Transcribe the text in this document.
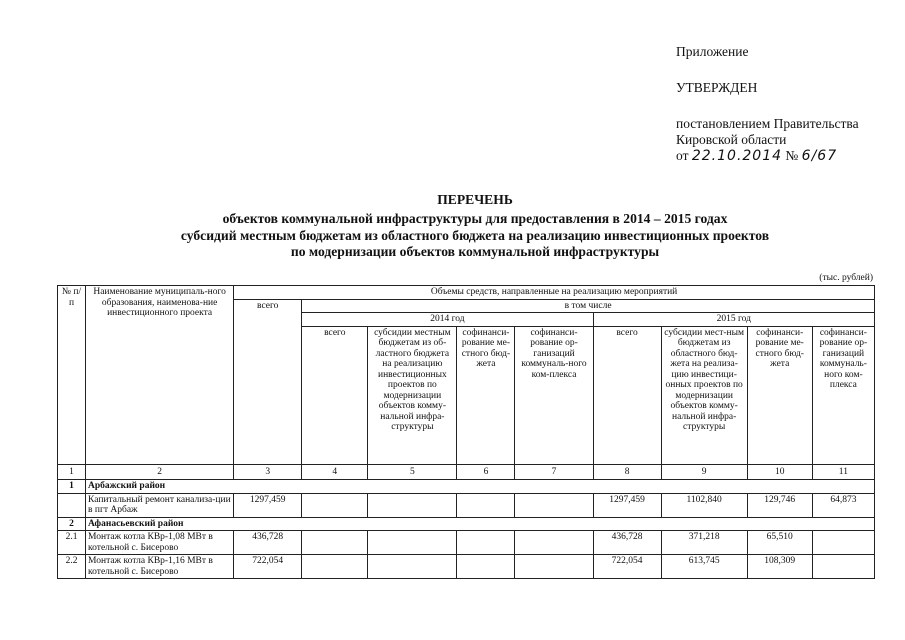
Приложение
УТВЕРЖДЕН
постановлением Правительства
Кировской области
от 22.10.2014 № 6/67
ПЕРЕЧЕНЬ
объектов коммунальной инфраструктуры для предоставления в 2014 – 2015 годах
субсидий местным бюджетам из областного бюджета на реализацию инвестиционных проектов
по модернизации объектов коммунальной инфраструктуры
(тыс. рублей)
№ п/п	Наименование муниципаль-ного образования, наименова-ние инвестиционного проекта	Объемы средств, направленные на реализацию мероприятий								
		всего	в том числе							
			2014 год				2015 год			
			всего	субсидии местным бюджетам из об-ластного бюджета на реализацию инвестиционных проектов по модернизации объектов комму-нальной инфра-структуры	софинанси-рование ме-стного бюд-жета	софинанси-рование ор-ганизаций коммуналь-ного ком-плекса	всего	субсидии мест-ным бюджетам из областного бюд-жета на реализа-цию инвестици-онных проектов по модернизации объектов комму-нальной инфра-структуры	софинанси-рование ме-стного бюд-жета	софинанси-рование ор-ганизаций коммуналь-ного ком-плекса
1	2	3	4	5	6	7	8	9	10	11
1	Арбажский район									
	Капитальный ремонт канализа-ции в пгт Арбаж	1297,459					1297,459	1102,840	129,746	64,873
2	Афанасьевский район									
2.1	Монтаж котла КВр-1,08 МВт в котельной с. Бисерово	436,728					436,728	371,218	65,510	
2.2	Монтаж котла КВр-1,16 МВт в котельной с. Бисерово	722,054					722,054	613,745	108,309	
